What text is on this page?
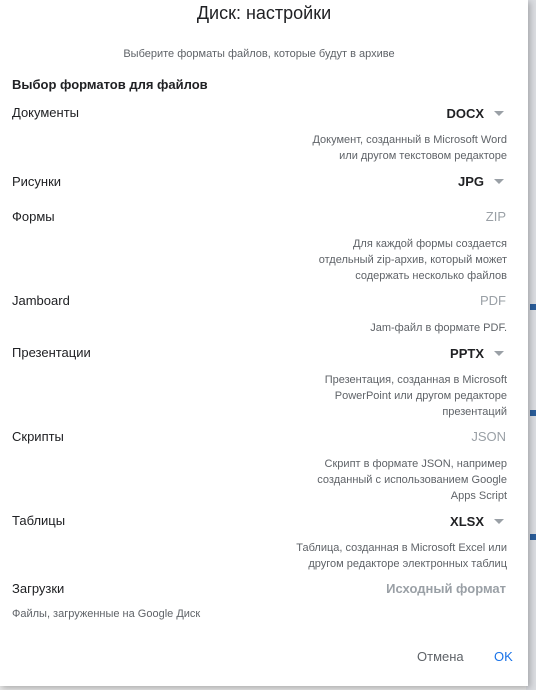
Диск: настройки
Выберите форматы файлов, которые будут в архиве
Выбор форматов для файлов
Документы	DOCX
Документ, созданный в Microsoft Word
или другом текстовом редакторе
Рисунки	JPG
Формы	ZIP
Для каждой формы создается
отдельный zip-архив, который может
содержать несколько файлов
Jamboard	PDF
Jam-файл в формате PDF.
Презентации	PPTX
Презентация, созданная в Microsoft
PowerPoint или другом редакторе
презентаций
Скрипты	JSON
Скрипт в формате JSON, например
созданный с использованием Google
Apps Script
Таблицы	XLSX
Таблица, созданная в Microsoft Excel или
другом редакторе электронных таблиц
Загрузки	Исходный формат
Файлы, загруженные на Google Диск
Отмена OK
